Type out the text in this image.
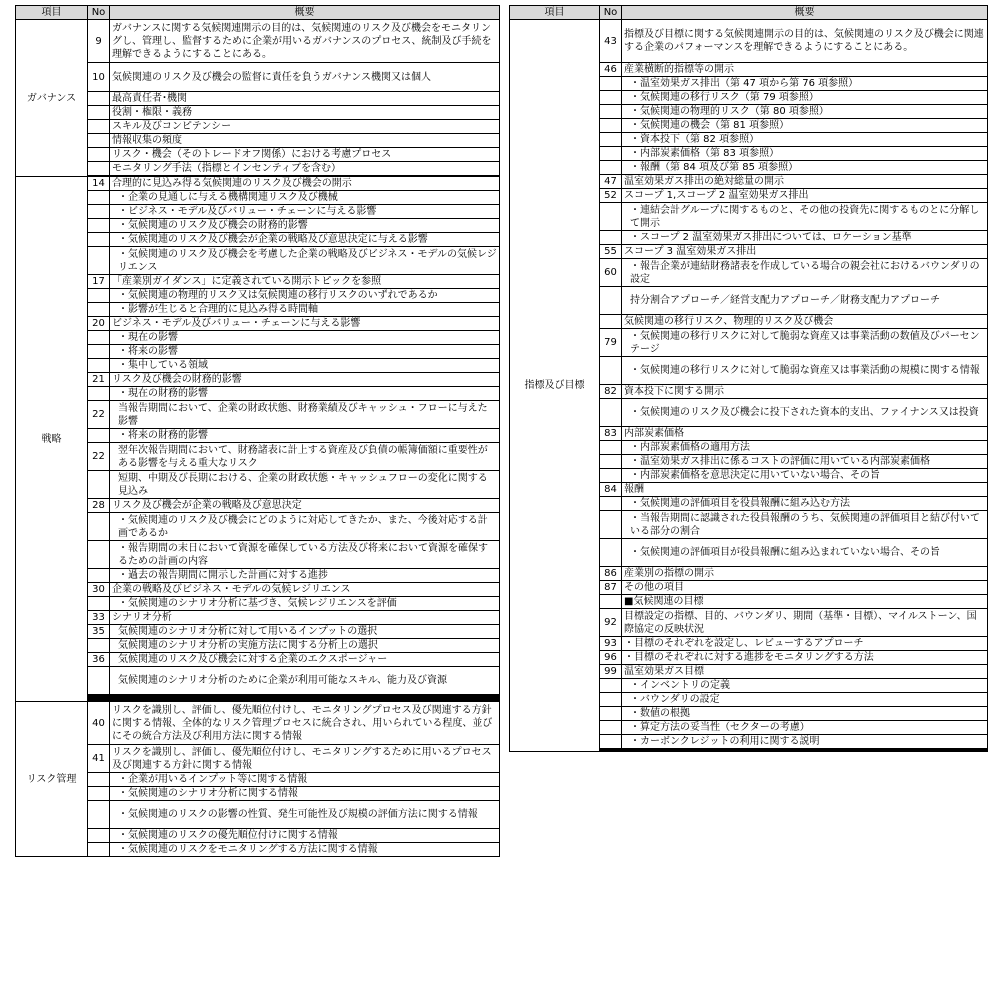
項目	No	概要
ガバナンス	9	ガバナンスに関する気候関連開示の目的は、気候関連のリスク及び機会をモニタリングし、管理し、監督するために企業が用いるガバナンスのプロセス、統制及び手続を理解できるようにすることにある。
	10	気候関連のリスク及び機会の監督に責任を負うガバナンス機関又は個人
		最高責任者･機関
		役割・権限・義務
		スキル及びコンピテンシー
		情報収集の頻度
		リスク・機会（そのトレードオフ関係）における考慮プロセス
		モニタリング手法（指標とインセンティブを含む）

戦略	14	合理的に見込み得る気候関連のリスク及び機会の開示
		・企業の見通しに与える機構関連リスク及び機械
		・ビジネス・モデル及びバリュー・チェーンに与える影響
		・気候関連のリスク及び機会の財務的影響
		・気候関連のリスク及び機会が企業の戦略及び意思決定に与える影響
		・気候関連のリスク及び機会を考慮した企業の戦略及びビジネス・モデルの気候レジリエンス
	17	「産業別ガイダンス」に定義されている開示トピックを参照
		・気候関連の物理的リスク又は気候関連の移行リスクのいずれであるか
		・影響が生じると合理的に見込み得る時間軸
	20	ビジネス・モデル及びバリュー・チェーンに与える影響
		・現在の影響
		・将来の影響
		・集中している領域
	21	リスク及び機会の財務的影響
		・現在の財務的影響
	22	当報告期間において、企業の財政状態、財務業績及びキャッシュ・フローに与えた影響
		・将来の財務的影響
	22	翌年次報告期間において、財務諸表に計上する資産及び負債の帳簿価額に重要性がある影響を与える重大なリスク
		短期、中期及び長期における、企業の財政状態・キャッシュフローの変化に関する見込み
	28	リスク及び機会が企業の戦略及び意思決定
		・気候関連のリスク及び機会にどのように対応してきたか、また、今後対応する計画であるか
		・報告期間の末日において資源を確保している方法及び将来において資源を確保するための計画の内容
		・過去の報告期間に開示した計画に対する進捗
	30	企業の戦略及びビジネス・モデルの気候レジリエンス
		・気候関連のシナリオ分析に基づき、気候レジリエンスを評価
	33	シナリオ分析
	35	気候関連のシナリオ分析に対して用いるインプットの選択
		気候関連のシナリオ分析の実施方法に関する分析上の選択
	36	気候関連のリスク及び機会に対する企業のエクスポージャー
		気候関連のシナリオ分析のために企業が利用可能なスキル、能力及び資源

リスク管理	40	リスクを識別し、評価し、優先順位付けし、モニタリングプロセス及び関連する方針に関する情報、全体的なリスク管理プロセスに統合され、用いられている程度、並びにその統合方法及び利用方法に関する情報
	41	リスクを識別し、評価し、優先順位付けし、モニタリングするために用いるプロセス及び関連する方針に関する情報
		・企業が用いるインプット等に関する情報
		・気候関連のシナリオ分析に関する情報
		・気候関連のリスクの影響の性質、発生可能性及び規模の評価方法に関する情報
		・気候関連のリスクの優先順位付けに関する情報
		・気候関連のリスクをモニタリングする方法に関する情報
項目	No	概要
指標及び目標	43	指標及び目標に関する気候関連開示の目的は、気候関連のリスク及び機会に関連する企業のパフォーマンスを理解できるようにすることにある。
	46	産業横断的指標等の開示
		・温室効果ガス排出（第 47 項から第 76 項参照）
		・気候関連の移行リスク（第 79 項参照）
		・気候関連の物理的リスク（第 80 項参照）
		・気候関連の機会（第 81 項参照）
		・資本投下（第 82 項参照）
		・内部炭素価格（第 83 項参照）
		・報酬（第 84 項及び第 85 項参照）
	47	温室効果ガス排出の絶対総量の開示
	52	スコープ 1,スコープ 2 温室効果ガス排出
		・連結会計グループに関するものと、その他の投資先に関するものとに分解して開示
		・スコープ 2 温室効果ガス排出については、ロケーション基準
	55	スコープ 3 温室効果ガス排出
	60	・報告企業が連結財務諸表を作成している場合の親会社におけるバウンダリの設定
		持分割合アプローチ／経営支配力アプローチ／財務支配力アプローチ
		気候関連の移行リスク、物理的リスク及び機会
	79	・気候関連の移行リスクに対して脆弱な資産又は事業活動の数値及びパーセンテージ
		・気候関連の移行リスクに対して脆弱な資産又は事業活動の規模に関する情報
	82	資本投下に関する開示
		・気候関連のリスク及び機会に投下された資本的支出、ファイナンス又は投資
	83	内部炭素価格
		・内部炭素価格の適用方法
		・温室効果ガス排出に係るコストの評価に用いている内部炭素価格
		・内部炭素価格を意思決定に用いていない場合、その旨
	84	報酬
		・気候関連の評価項目を役員報酬に組み込む方法
		・当報告期間に認識された役員報酬のうち、気候関連の評価項目と結び付いている部分の割合
		・気候関連の評価項目が役員報酬に組み込まれていない場合、その旨
	86	産業別の指標の開示
	87	その他の項目
		■気候関連の目標
	92	目標設定の指標、目的、バウンダリ、期間（基準・目標）、マイルストーン、国際協定の反映状況
	93	・目標のそれぞれを設定し、レビューするアプローチ
	96	・目標のそれぞれに対する進捗をモニタリングする方法
	99	温室効果ガス目標
		・インベントリの定義
		・バウンダリの設定
		・数値の根拠
		・算定方法の妥当性（セクターの考慮）
		・カーボンクレジットの利用に関する説明
